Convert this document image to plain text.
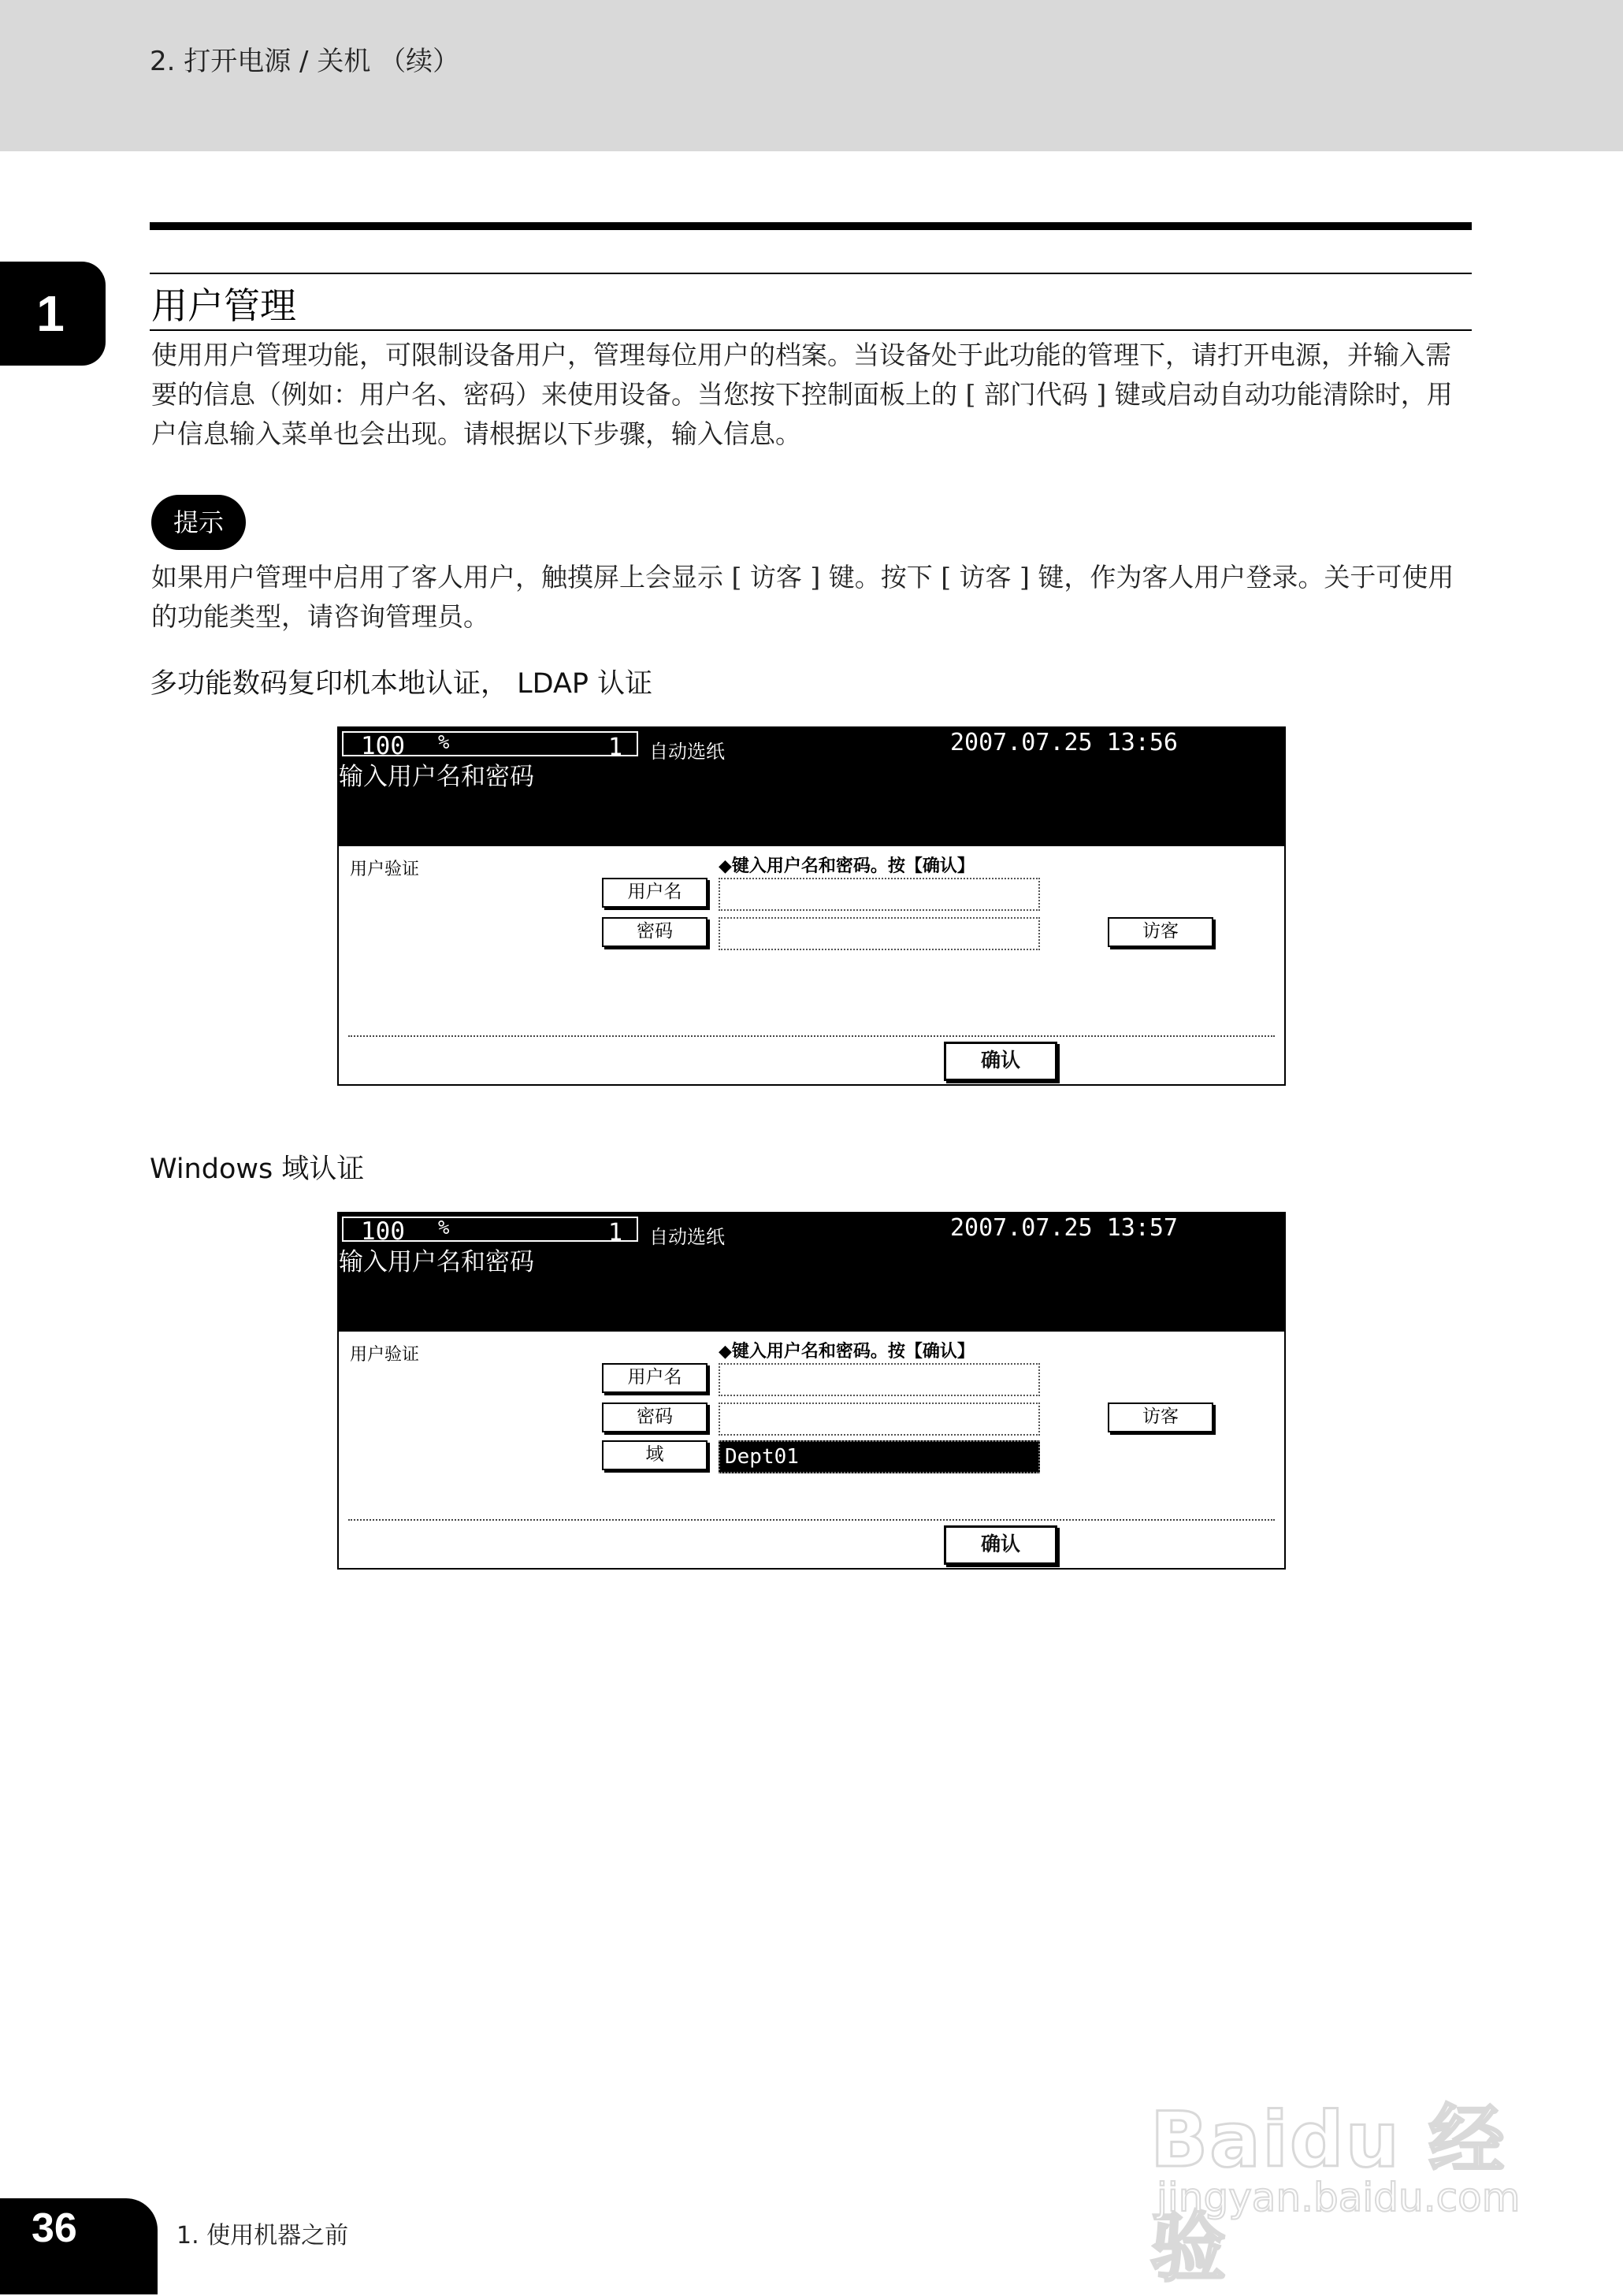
2. 打开电源 / 关机 （续）
1	用户管理
使用用户管理功能，可限制设备用户，管理每位用户的档案。当设备处于此功能的管理下，请打开电源，并输入需要的信息（例如：用户名、密码）来使用设备。当您按下控制面板上的 [ 部门代码 ] 键或启动自动功能清除时，用户信息输入菜单也会出现。请根据以下步骤，输入信息。
提示
如果用户管理中启用了客人用户，触摸屏上会显示 [ 访客 ] 键。按下 [ 访客 ] 键，作为客人用户登录。关于可使用的功能类型，请咨询管理员。
多功能数码复印机本地认证， LDAP 认证
100 %	1 自动选纸	2007.07.25 13:56
输入用户名和密码
用户验证	◆键入用户名和密码。按【确认】
用户名
密码	访客
确认
Windows 域认证
100 %	1 自动选纸	2007.07.25 13:57
输入用户名和密码
用户验证	◆键入用户名和密码。按【确认】
用户名
密码	访客
域	Dept01
确认
Baidu 经验
jingyan.baidu.com
36	1. 使用机器之前
